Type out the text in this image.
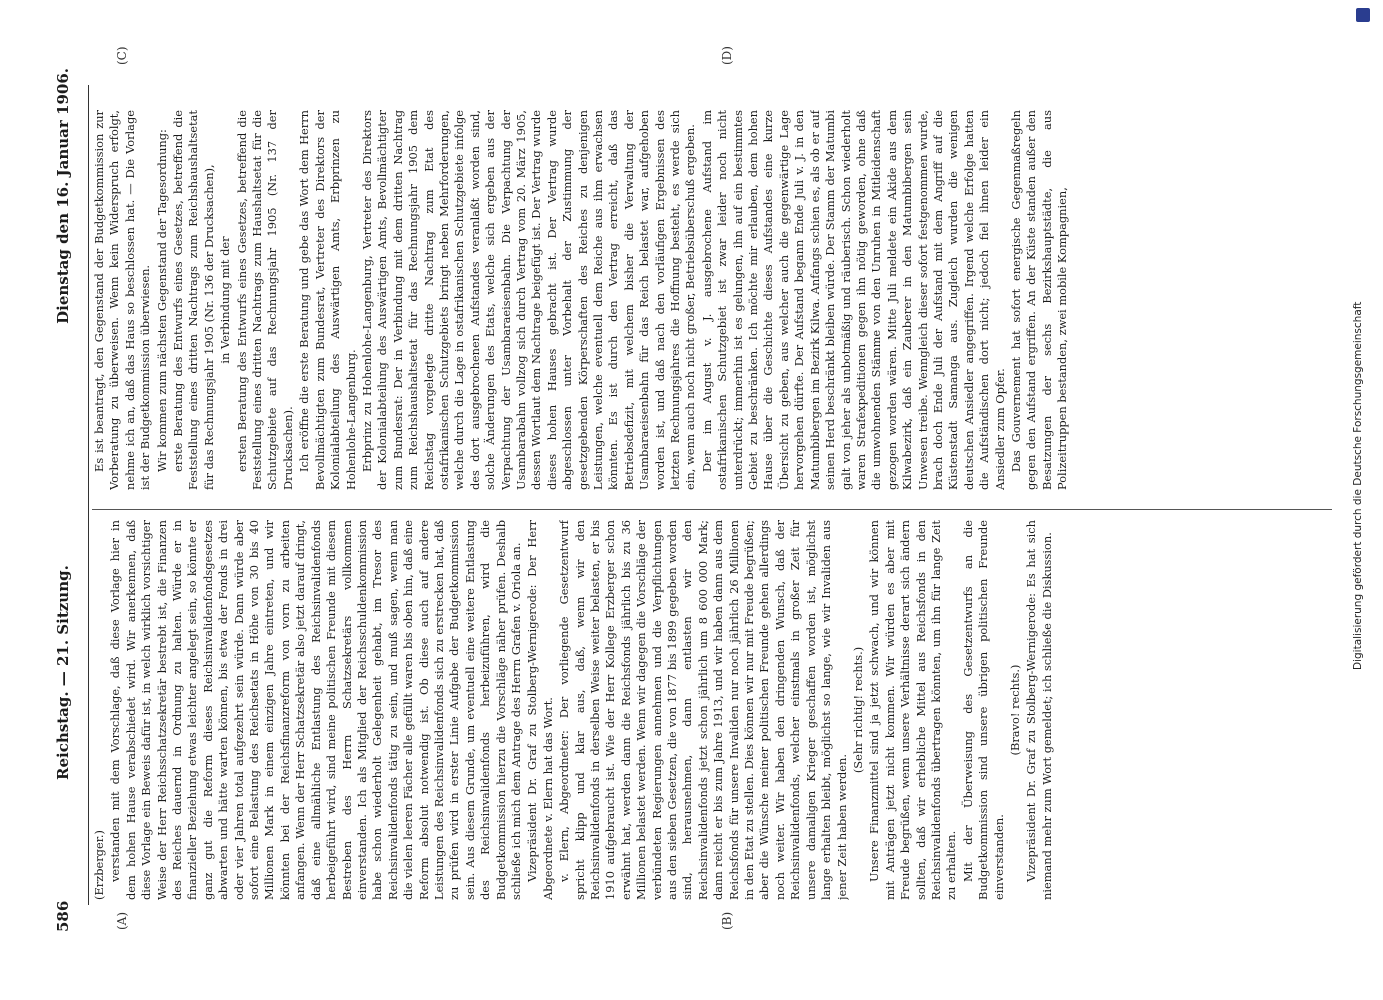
586
Reichstag. — 21. Sitzung.
Dienstag den 16. Januar 1906.
(A)	(B)
(C)	(D)

(Erzberger.) verstanden mit dem Vorschlage, daß diese Vorlage hier in dem hohen Hause verabschiedet wird. Wir anerkennen, daß diese Vorlage ein Beweis dafür ist, in welch wirklich vorsichtiger Weise der Herr Reichsschatzsekretär bestrebt ist, die Finanzen des Reiches dauernd in Ordnung zu halten. Würde er in finanzieller Beziehung etwas leichter angelegt sein, so könnte er ganz gut die Reform dieses Reichsinvalidenfondsgesetzes abwarten und hätte warten können, bis etwa der Fonds in drei oder vier Jahren total aufgezehrt sein würde. Dann würde aber sofort eine Belastung des Reichsetats in Höhe von 30 bis 40 Millionen Mark in einem einzigen Jahre eintreten, und wir könnten bei der Reichsfinanzreform von vorn zu arbeiten anfangen. Wenn der Herr Schatzsekretär also jetzt darauf dringt, daß eine allmähliche Entlastung des Reichsinvalidenfonds herbeigeführt wird, sind meine politischen Freunde mit diesem Bestreben des Herrn Schatzsekretärs vollkommen einverstanden. Ich als Mitglied der Reichsschuldenkommission habe schon wiederholt Gelegenheit gehabt, im Tresor des Reichsinvalidenfonds tätig zu sein, und muß sagen, wenn man die vielen leeren Fächer alle gefüllt waren bis oben hin, daß eine Reform absolut notwendig ist. Ob diese auch auf andere Leistungen des Reichsinvalidenfonds sich zu erstrecken hat, daß zu prüfen wird in erster Linie Aufgabe der Budgetkommission sein. Aus diesem Grunde, um eventuell eine weitere Entlastung des Reichsinvalidenfonds herbeizuführen, wird die Budgetkommission hierzu die Vorschläge näher prüfen. Deshalb schließe ich mich dem Antrage des Herrn Grafen v. Oriola an. Vizepräsident Dr. Graf zu Stolberg-Wernigerode: Der Herr Abgeordnete v. Elern hat das Wort. v. Elern, Abgeordneter: Der vorliegende Gesetzentwurf spricht klipp und klar aus, daß, wenn wir den Reichsinvalidenfonds in derselben Weise weiter belasten, er bis 1910 aufgebraucht ist. Wie der Herr Kollege Erzberger schon erwähnt hat, werden dann die Reichsfonds jährlich bis zu 36 Millionen belastet werden. Wenn wir dagegen die Vorschläge der verbündeten Regierungen annehmen und die Verpflichtungen aus den sieben Gesetzen, die von 1877 bis 1899 gegeben worden sind, herausnehmen, dann entlasten wir den Reichsinvalidenfonds jetzt schon jährlich um 8 600 000 Mark; dann reicht er bis zum Jahre 1913, und wir haben dann aus dem Reichsfonds für unsere Invaliden nur noch jährlich 26 Millionen in den Etat zu stellen. Dies können wir nur mit Freude begrüßen; aber die Wünsche meiner politischen Freunde gehen allerdings noch weiter. Wir haben den dringenden Wunsch, daß der Reichsinvalidenfonds, welcher einstmals in großer Zeit für unsere damaligen Krieger geschaffen worden ist, möglichst lange erhalten bleibt, möglichst so lange, wie wir Invaliden aus jener Zeit haben werden.

(Sehr richtig! rechts.) Unsere Finanzmittel sind ja jetzt schwach, und wir können mit Anträgen jetzt nicht kommen. Wir würden es aber mit Freude begrüßen, wenn unsere Verhältnisse derart sich ändern sollten, daß wir erhebliche Mittel aus Reichsfonds in den Reichsinvalidenfonds übertragen könnten, um ihn für lange Zeit zu erhalten. Mit der Überweisung des Gesetzentwurfs an die Budgetkommission sind unsere übrigen politischen Freunde einverstanden.

(Bravo! rechts.) Vizepräsident Dr. Graf zu Stolberg-Wernigerode: Es hat sich niemand mehr zum Wort gemeldet; ich schließe die Diskussion.

Es ist beantragt, den Gegenstand der Budgetkommission zur Vorberatung zu überweisen. Wenn kein Widerspruch erfolgt, nehme ich an, daß das Haus so beschlossen hat. — Die Vorlage ist der Budgetkommission überwiesen. Wir kommen zum nächsten Gegenstand der Tagesordnung: erste Beratung des Entwurfs eines Gesetzes, betreffend die Feststellung eines dritten Nachtrags zum Reichshaushaltsetat für das Rechnungsjahr 1905 (Nr. 136 der Drucksachen), in Verbindung mit der ersten Beratung des Entwurfs eines Gesetzes, betreffend die Feststellung eines dritten Nachtrags zum Haushaltsetat für die Schutzgebiete auf das Rechnungsjahr 1905 (Nr. 137 der Drucksachen). Ich eröffne die erste Beratung und gebe das Wort dem Herrn Bevollmächtigten zum Bundesrat, Vertreter des Direktors der Kolonialabteilung des Auswärtigen Amts, Erbprinzen zu Hohenlohe-Langenburg. Erbprinz zu Hohenlohe-Langenburg, Vertreter des Direktors der Kolonialabteilung des Auswärtigen Amts, Bevollmächtigter zum Bundesrat: Der in Verbindung mit dem dritten Nachtrag zum Reichshaushaltsetat für das Rechnungsjahr 1905 dem Reichstag vorgelegte dritte Nachtrag zum Etat des ostafrikanischen Schutzgebiets bringt neben Mehrforderungen, welche durch die Lage in ostafrikanischen Schutzgebiete infolge des dort ausgebrochenen Aufstandes veranlaßt worden sind, solche Änderungen des Etats, welche sich ergeben aus der Verpachtung der Usambaraeisenbahn. Die Verpachtung der Usambarabahn vollzog sich durch Vertrag vom 20. März 1905, dessen Wortlaut dem Nachtrage beigefügt ist. Der Vertrag wurde dieses hohen Hauses gebracht ist. Der Vertrag wurde abgeschlossen unter Vorbehalt der Zustimmung der gesetzgebenden Körperschaften des Reiches zu denjenigen Leistungen, welche eventuell dem Reiche aus ihm erwachsen könnten. Es ist durch den Vertrag erreicht, daß das Betriebsdefizit, mit welchem bisher die Verwaltung der Usambaraeisenbahn für das Reich belastet war, aufgehoben worden ist, und daß nach den vorläufigen Ergebnissen des letzten Rechnungsjahres die Hoffnung besteht, es werde sich ein, wenn auch noch nicht großer, Betriebsüberschuß ergeben. Der im August v. J. ausgebrochene Aufstand im ostafrikanischen Schutzgebiet ist zwar leider noch nicht unterdrückt; immerhin ist es gelungen, ihn auf ein bestimmtes Gebiet zu beschränken. Ich möchte mir erlauben, dem hohen Hause über die Geschichte dieses Aufstandes eine kurze Übersicht zu geben, aus welcher auch die gegenwärtige Lage hervorgehen dürfte. Der Aufstand begann Ende Juli v. J. in den Matumbibergen im Bezirk Kilwa. Anfangs schien es, als ob er auf seinen Herd beschränkt bleiben würde. Der Stamm der Matumbi galt von jeher als unbotmäßig und räuberisch. Schon wiederholt waren Strafexpeditionen gegen ihn nötig geworden, ohne daß die umwohnenden Stämme von den Unruhen in Mitleidenschaft gezogen worden wären. Mitte Juli meldete ein Akide aus dem Kilwabezirk, daß ein Zauberer in den Matumbibergen sein Unwesen treibe. Wenngleich dieser sofort festgenommen wurde, brach doch Ende Juli der Aufstand mit dem Angriff auf die Küstenstadt Samanga aus. Zugleich wurden die wenigen deutschen Ansiedler angegriffen. Irgend welche Erfolge hatten die Aufständischen dort nicht; jedoch fiel ihnen leider ein Ansiedler zum Opfer. Das Gouvernement hat sofort energische Gegenmaßregeln gegen den Aufstand ergriffen. An der Küste standen außer den Besatzungen der sechs Bezirkshauptstädte, die aus Polizeitruppen bestanden, zwei mobile Kompagnien,	Digitalisierung gefördert durch die Deutsche Forschungsgemeinschaft
